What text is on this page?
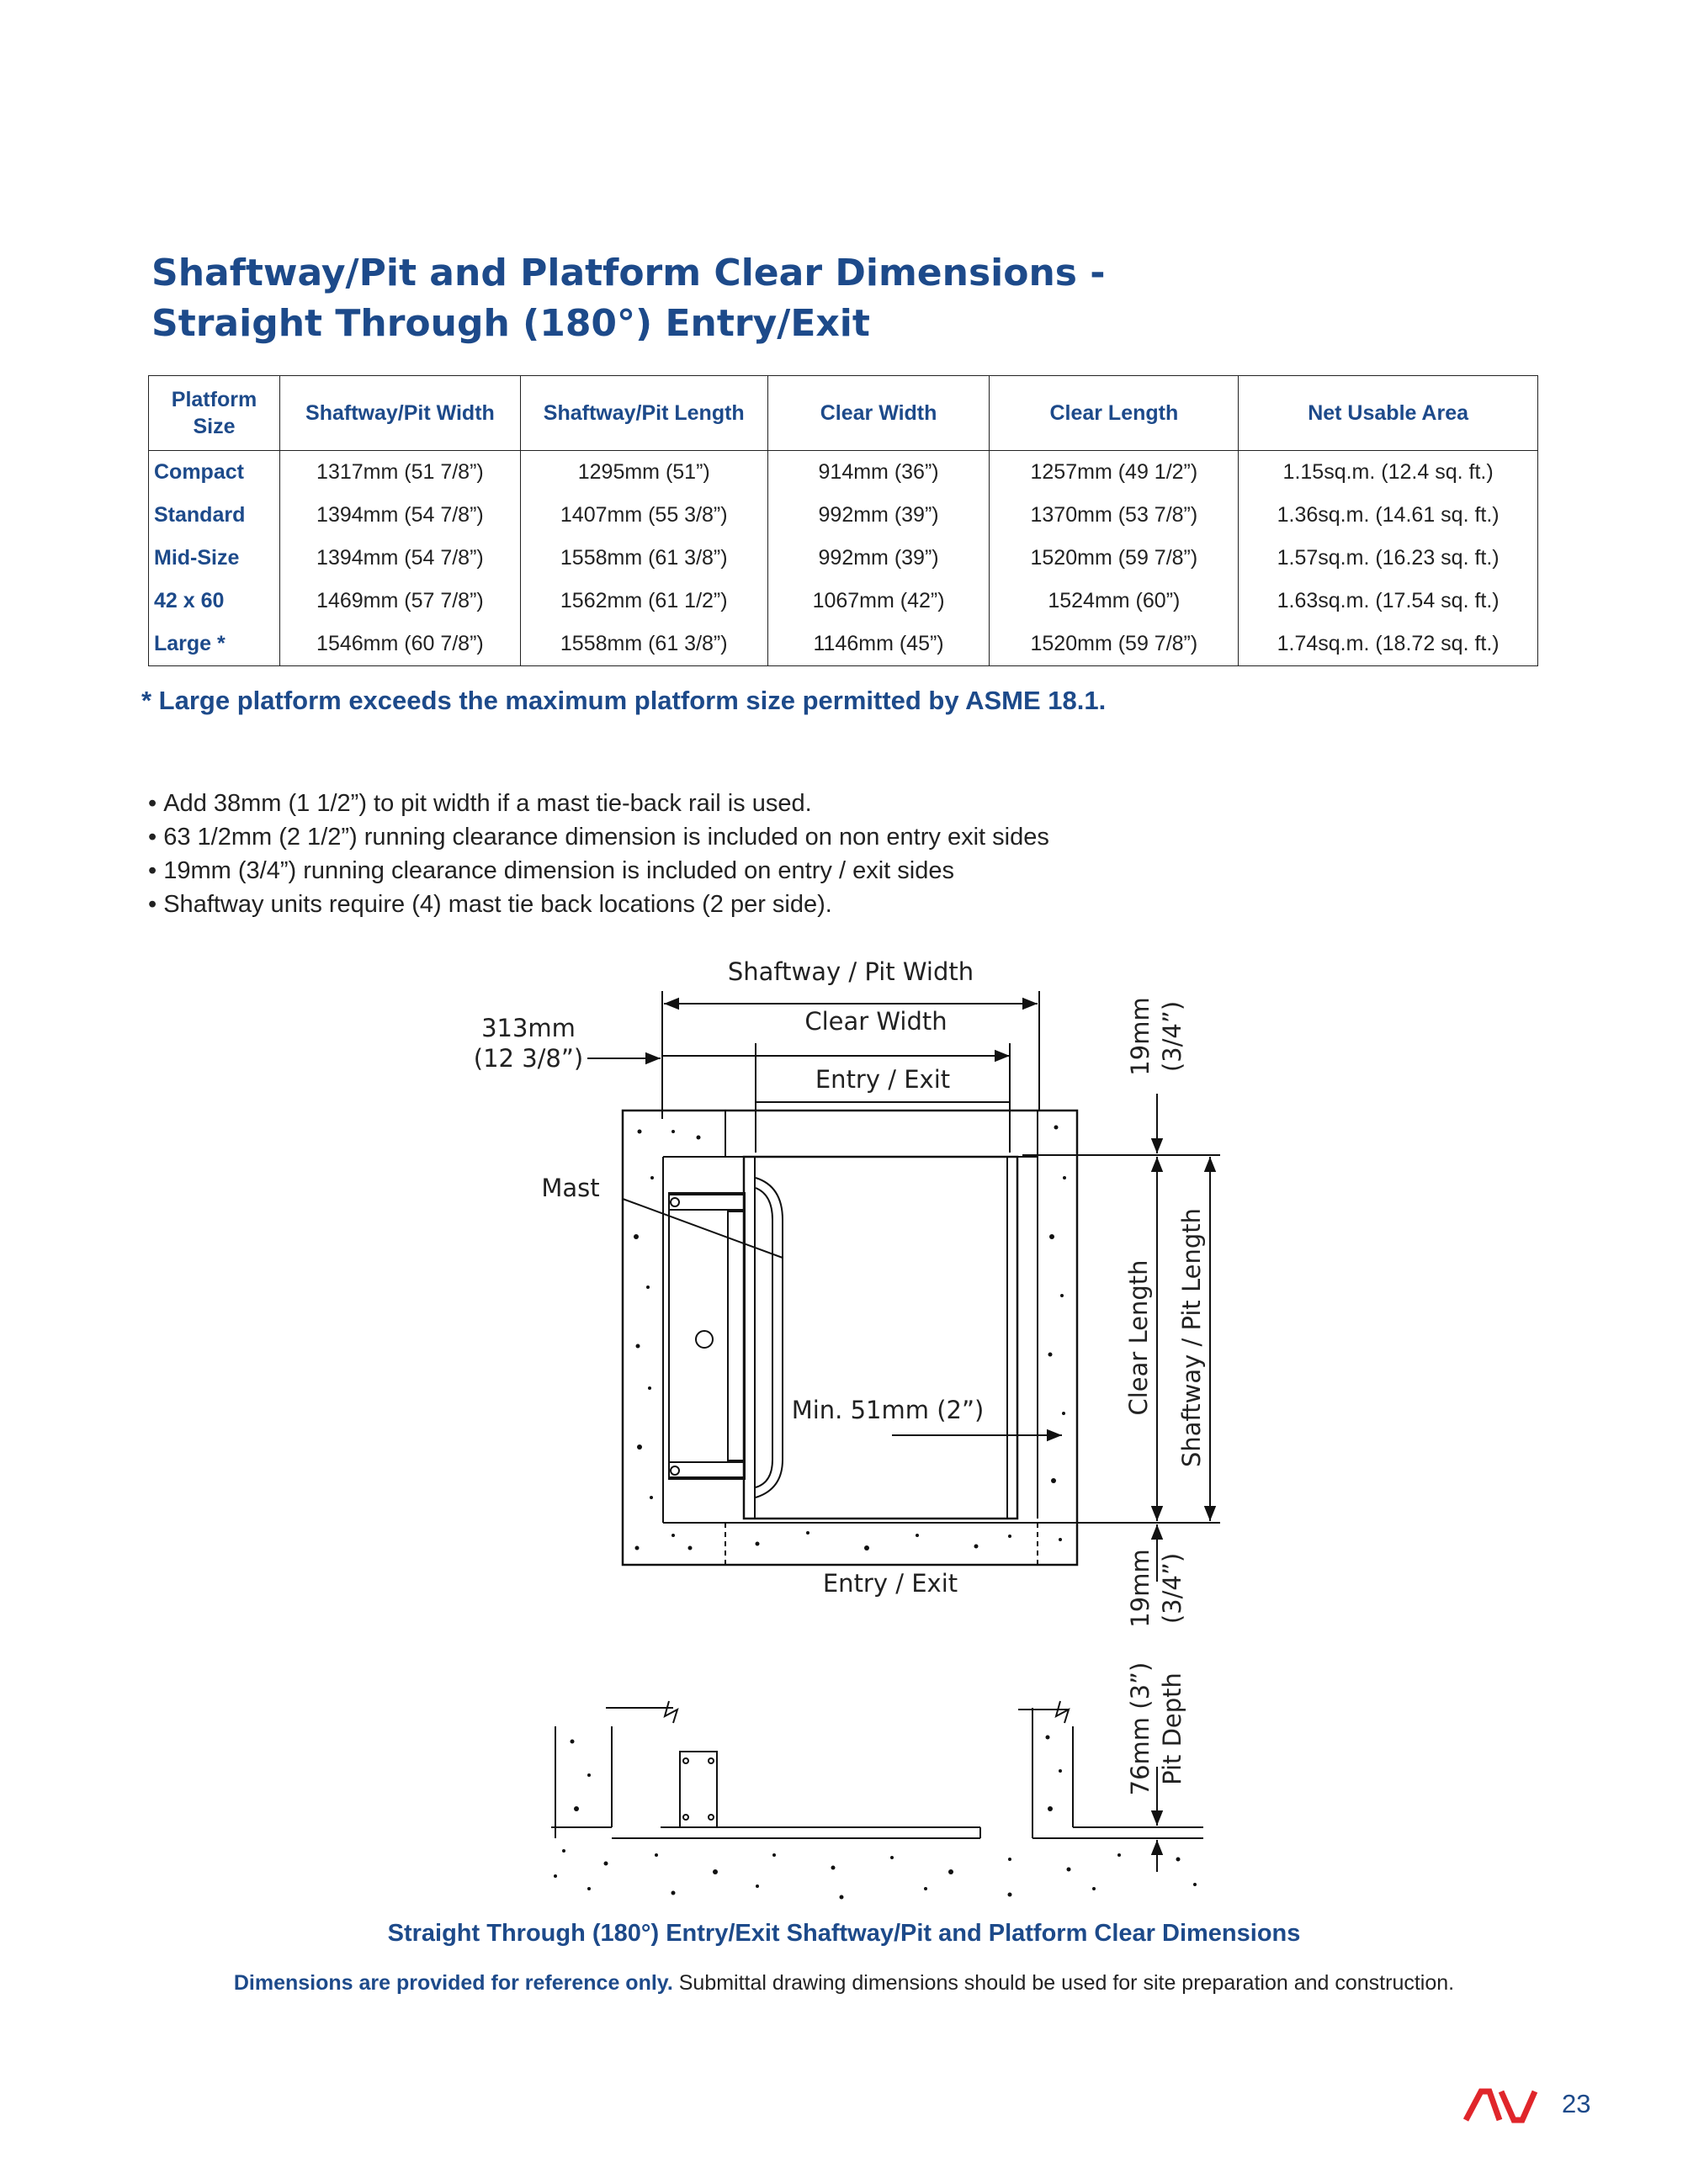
Shaftway/Pit and Platform Clear Dimensions -
Straight Through (180°) Entry/Exit
Platform Size	Shaftway/Pit Width	Shaftway/Pit Length	Clear Width	Clear Length	Net Usable Area
Compact	1317mm (51 7/8”)	1295mm (51”)	914mm (36”)	1257mm (49 1/2”)	1.15sq.m. (12.4 sq. ft.)
Standard	1394mm (54 7/8”)	1407mm (55 3/8”)	992mm (39”)	1370mm (53 7/8”)	1.36sq.m. (14.61 sq. ft.)
Mid-Size	1394mm (54 7/8”)	1558mm (61 3/8”)	992mm (39”)	1520mm (59 7/8”)	1.57sq.m. (16.23 sq. ft.)
42 x 60	1469mm (57 7/8”)	1562mm (61 1/2”)	1067mm (42”)	1524mm (60”)	1.63sq.m. (17.54 sq. ft.)
Large *	1546mm (60 7/8”)	1558mm (61 3/8”)	1146mm (45”)	1520mm (59 7/8”)	1.74sq.m. (18.72 sq. ft.)
* Large platform exceeds the maximum platform size permitted by ASME 18.1.
• Add 38mm (1 1/2”) to pit width if a mast tie-back rail is used.
• 63 1/2mm (2 1/2”) running clearance dimension is included on non entry exit sides
• 19mm (3/4”) running clearance dimension is included on entry / exit sides
• Shaftway units require (4) mast tie back locations (2 per side).
Shaftway / Pit Width
Clear Width
Entry / Exit
Entry / Exit
313mm
(12 3/8”)
Mast
Min. 51mm (2”)	Clear Length Shaftway / Pit Length
19mm (3/4”)
19mm (3/4”)
76mm (3”) Pit Depth
Straight Through (180°) Entry/Exit Shaftway/Pit and Platform Clear Dimensions
Dimensions are provided for reference only. Submittal drawing dimensions should be used for site preparation and construction.
23
